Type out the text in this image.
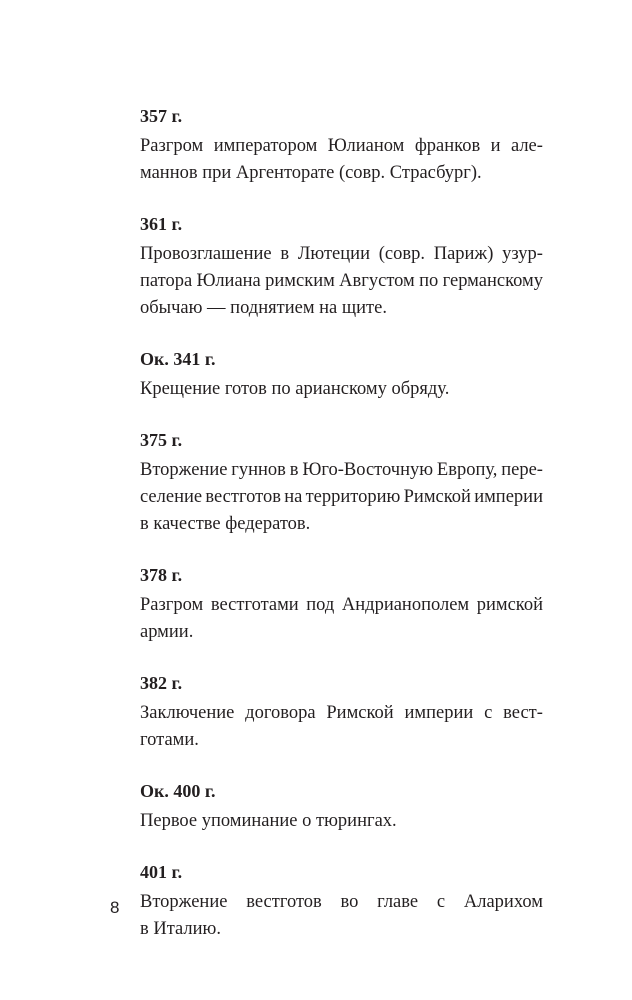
357 г.
Разгром императором Юлианом франков и але-
маннов при Аргенторате (совр. Страсбург).
361 г.
Провозглашение в Лютеции (совр. Париж) узур-
патора Юлиана римским Августом по германскому
обычаю — поднятием на щите.
Ок. 341 г.
Крещение готов по арианскому обряду.
375 г.
Вторжение гуннов в Юго-Восточную Европу, пере-
селение вестготов на территорию Римской империи
в качестве федератов.
378 г.
Разгром вестготами под Андрианополем римской
армии.
382 г.
Заключение договора Римской империи с вест-
готами.
Ок. 400 г.
Первое упоминание о тюрингах.
401 г.
Вторжение вестготов во главе с Аларихом
в Италию.
8
